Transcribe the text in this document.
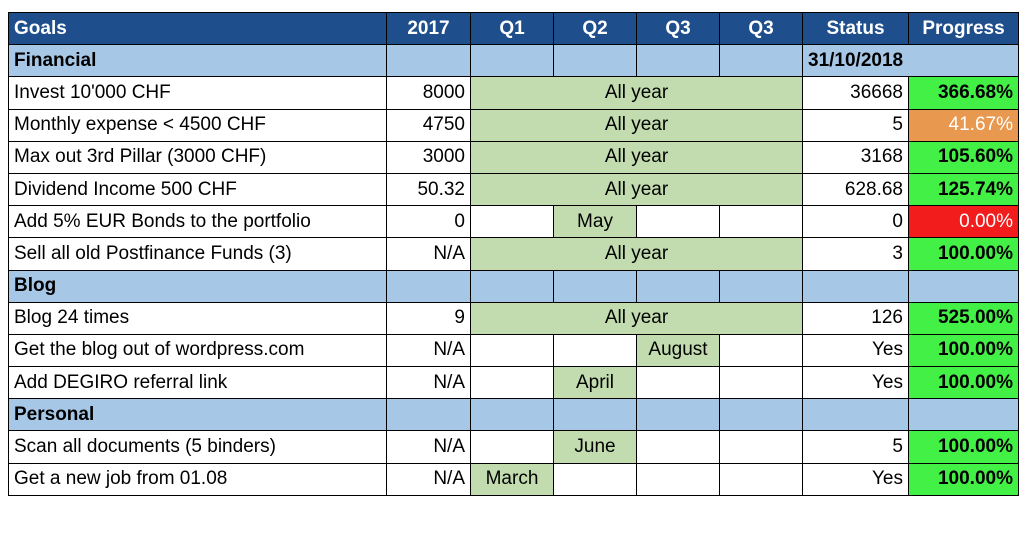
Goals	2017	Q1	Q2	Q3	Q3	Status	Progress
Financial						31/10/2018	
Invest 10'000 CHF	8000	All year				36668	366.68%
Monthly expense < 4500 CHF	4750	All year				5	41.67%
Max out 3rd Pillar (3000 CHF)	3000	All year				3168	105.60%
Dividend Income 500 CHF	50.32	All year				628.68	125.74%
Add 5% EUR Bonds to the portfolio	0		May			0	0.00%
Sell all old Postfinance Funds (3)	N/A	All year				3	100.00%
Blog							
Blog 24 times	9	All year				126	525.00%
Get the blog out of wordpress.com	N/A			August		Yes	100.00%
Add DEGIRO referral link	N/A		April			Yes	100.00%
Personal							
Scan all documents (5 binders)	N/A		June			5	100.00%
Get a new job from 01.08	N/A	March				Yes	100.00%
